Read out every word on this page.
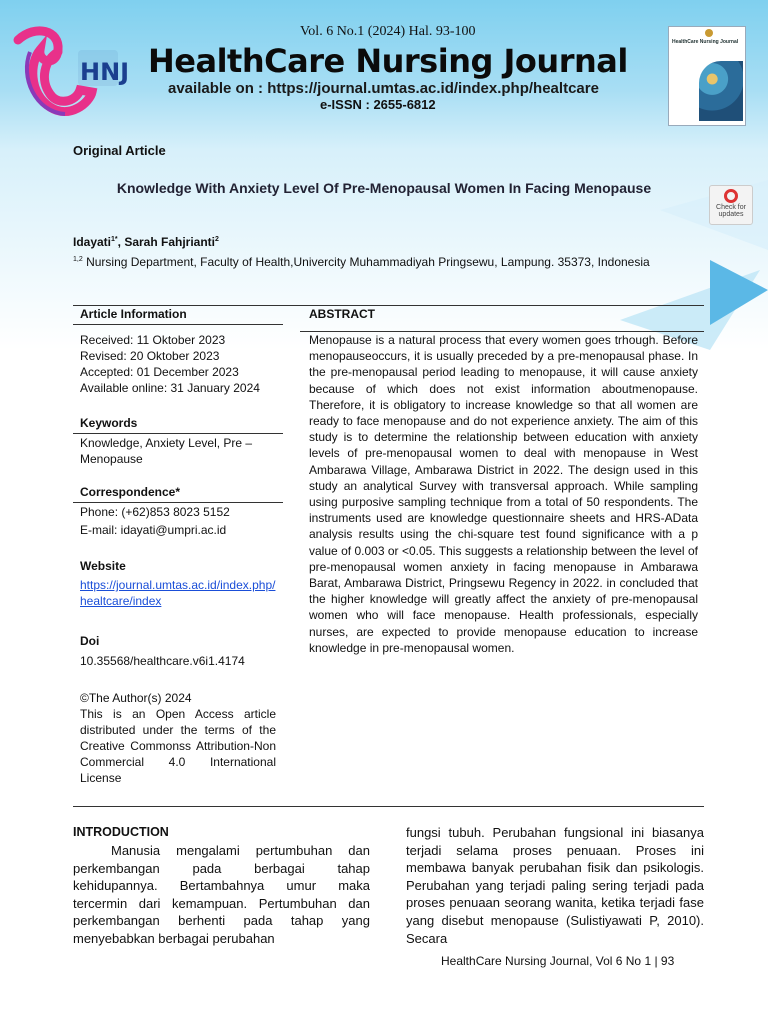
HNJ
Vol. 6 No.1 (2024) Hal. 93-100
HealthCare Nursing Journal
available on : https://journal.umtas.ac.id/index.php/healtcare
e-ISSN : 2655-6812
HealthCare Nursing Journal
Original Article
Knowledge With Anxiety Level Of Pre-Menopausal Women In Facing Menopause
Check for updates
Idayati$^{1*}$, Sarah Fahjrianti$^2$
$^{1,2}$ Nursing Department, Faculty of Health,Univercity Muhammadiyah Pringsewu, Lampung. 35373, Indonesia
Article Information	ABSTRACT
Received: 11 Oktober 2023
Revised: 20 Oktober 2023
Accepted: 01 December 2023
Available online: 31 January 2024
Keywords
Knowledge, Anxiety Level, Pre – Menopause
Correspondence*
Phone: (+62)853 8023 5152
E-mail: idayati@umpri.ac.id
Website
https://journal.umtas.ac.id/index.php/healtcare/index
Doi
10.35568/healthcare.v6i1.4174
©The Author(s) 2024
This is an Open Access article distributed under the terms of the Creative Commonss Attribution-Non Commercial 4.0 International License
Menopause is a natural process that every women goes trhough. Before menopauseoccurs, it is usually preceded by a pre-menopausal phase. In the pre-menopausal period leading to menopause, it will cause anxiety because of which does not exist information aboutmenopause. Therefore, it is obligatory to increase knowledge so that all women are ready to face menopause and do not experience anxiety. The aim of this study is to determine the relationship between education with anxiety levels of pre-menopausal women to deal with menopause in West Ambarawa Village, Ambarawa District in 2022. The design used in this study an analytical Survey with transversal approach. While sampling using purposive sampling technique from a total of 50 respondents. The instruments used are knowledge questionnaire sheets and HRS-AData analysis results using the chi-square test found significance with a p value of 0.003 or <0.05. This suggests a relationship between the level of pre-menopausal women anxiety in facing menopause in Ambarawa Barat, Ambarawa District, Pringsewu Regency in 2022. in concluded that the higher knowledge will greatly affect the anxiety of pre-menopausal women who will face menopause. Health professionals, especially nurses, are expected to provide menopause education to increase knowledge in pre-menopausal women.
INTRODUCTION
Manusia mengalami pertumbuhan dan perkembangan pada berbagai tahap kehidupannya. Bertambahnya umur maka tercermin dari kemampuan. Pertumbuhan dan perkembangan berhenti pada tahap yang menyebabkan berbagai perubahan
fungsi tubuh. Perubahan fungsional ini biasanya terjadi selama proses penuaan. Proses ini membawa banyak perubahan fisik dan psikologis. Perubahan yang terjadi paling sering terjadi pada proses penuaan seorang wanita, ketika terjadi fase yang disebut menopause (Sulistiyawati P, 2010). Secara
HealthCare Nursing Journal, Vol 6 No 1 | 93
